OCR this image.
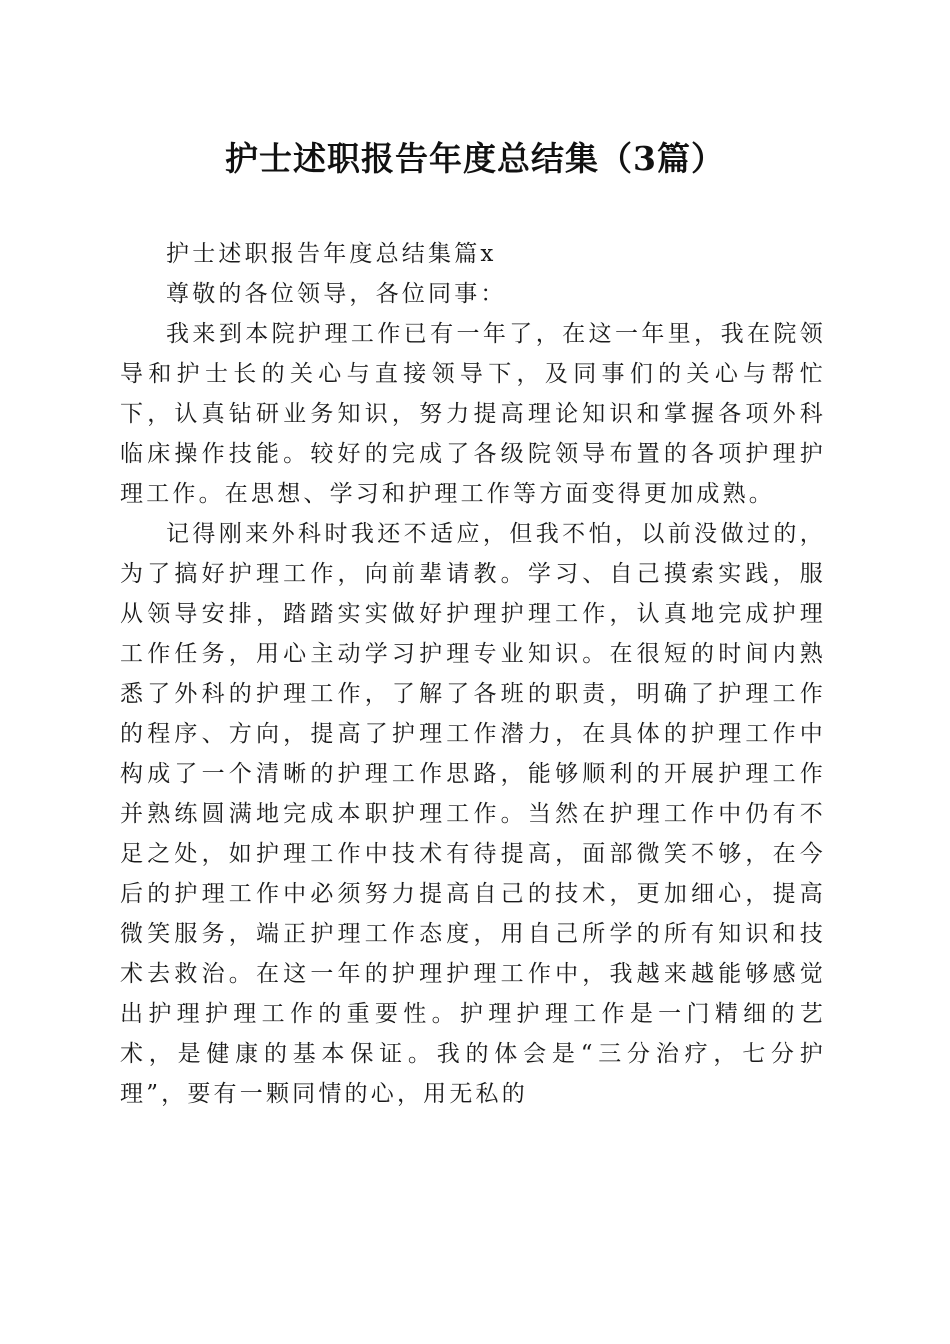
护士述职报告年度总结集（3篇）

护士述职报告年度总结集篇x

尊敬的各位领导，各位同事：

我来到本院护理工作已有一年了，在这一年里，我在院领导和护士长的关心与直接领导下，及同事们的关心与帮忙下，认真钻研业务知识，努力提高理论知识和掌握各项外科临床操作技能。较好的完成了各级院领导布置的各项护理护理工作。在思想、学习和护理工作等方面变得更加成熟。

记得刚来外科时我还不适应，但我不怕，以前没做过的，为了搞好护理工作，向前辈请教。学习、自己摸索实践，服从领导安排，踏踏实实做好护理护理工作，认真地完成护理工作任务，用心主动学习护理专业知识。在很短的时间内熟悉了外科的护理工作，了解了各班的职责，明确了护理工作的程序、方向，提高了护理工作潜力，在具体的护理工作中构成了一个清晰的护理工作思路，能够顺利的开展护理工作并熟练圆满地完成本职护理工作。当然在护理工作中仍有不足之处，如护理工作中技术有待提高，面部微笑不够，在今后的护理工作中必须努力提高自己的技术，更加细心，提高微笑服务，端正护理工作态度，用自己所学的所有知识和技术去救治。在这一年的护理护理工作中，我越来越能够感觉出护理护理工作的重要性。护理护理工作是一门精细的艺术，是健康的基本保证。我的体会是“三分治疗，七分护理”，要有一颗同情的心，用无私的
